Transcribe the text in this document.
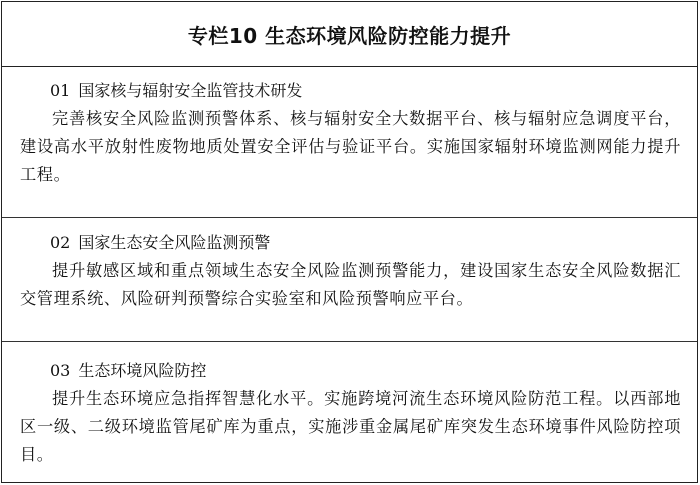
专栏10 生态环境风险防控能力提升

01 国家核与辐射安全监管技术研发

完善核安全风险监测预警体系、核与辐射安全大数据平台、核与辐射应急调度平台，建设高水平放射性废物地质处置安全评估与验证平台。实施国家辐射环境监测网能力提升工程。

02 国家生态安全风险监测预警

提升敏感区域和重点领域生态安全风险监测预警能力，建设国家生态安全风险数据汇交管理系统、风险研判预警综合实验室和风险预警响应平台。

03 生态环境风险防控

提升生态环境应急指挥智慧化水平。实施跨境河流生态环境风险防范工程。以西部地区一级、二级环境监管尾矿库为重点，实施涉重金属尾矿库突发生态环境事件风险防控项目。
